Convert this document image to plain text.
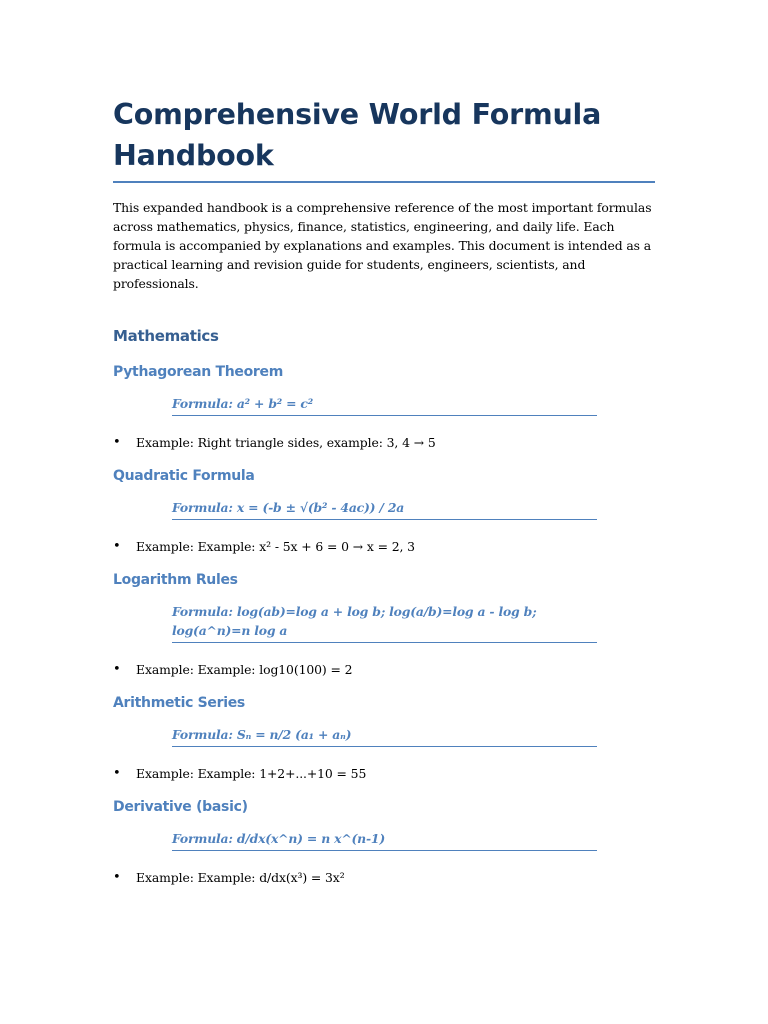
Comprehensive World Formula Handbook

This expanded handbook is a comprehensive reference of the most important formulas across mathematics, physics, finance, statistics, engineering, and daily life. Each formula is accompanied by explanations and examples. This document is intended as a practical learning and revision guide for students, engineers, scientists, and professionals.

Mathematics
Pythagorean Theorem
Formula: a² + b² = c²
• Example: Right triangle sides, example: 3, 4 → 5
Quadratic Formula
Formula: x = (-b ± √(b² - 4ac)) / 2a
• Example: Example: x² - 5x + 6 = 0 → x = 2, 3
Logarithm Rules
Formula: log(ab)=log a + log b; log(a/b)=log a - log b; log(a^n)=n log a
• Example: Example: log10(100) = 2
Arithmetic Series
Formula: Sₙ = n/2 (a₁ + aₙ)
• Example: Example: 1+2+...+10 = 55
Derivative (basic)
Formula: d/dx(x^n) = n x^(n-1)
• Example: Example: d/dx(x³) = 3x²
